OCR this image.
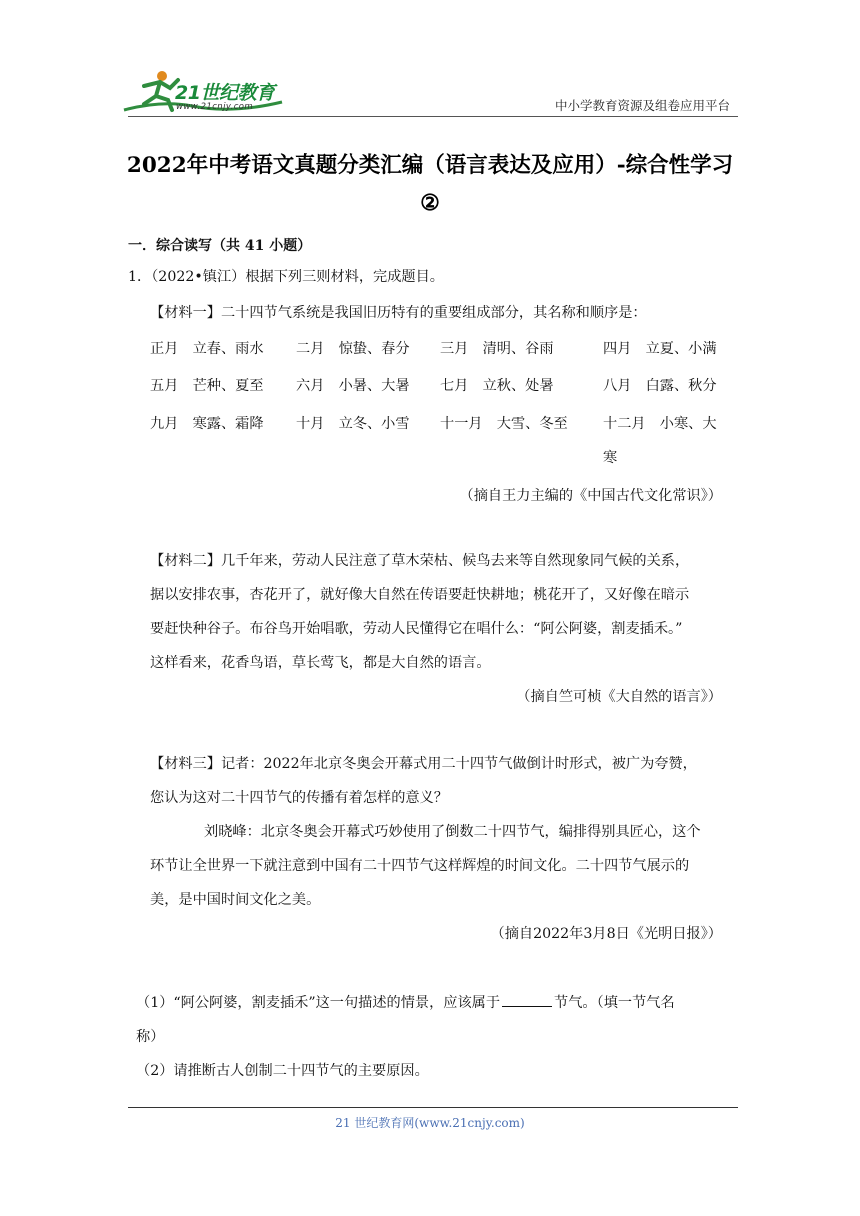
21世纪教育
www.21cnjy.com	中小学教育资源及组卷应用平台
2022年中考语文真题分类汇编（语言表达及应用）-综合性学习
②
一．综合读写（共 41 小题）
1．（2022•镇江）根据下列三则材料，完成题目。
【材料一】二十四节气系统是我国旧历特有的重要组成部分，其名称和顺序是：
正月　立春、雨水 二月　惊蛰、春分 三月　清明、谷雨	四月　立夏、小满
五月　芒种、夏至 六月　小暑、大暑 七月　立秋、处暑	八月　白露、秋分
九月　寒露、霜降 十月　立冬、小雪 十一月　大雪、冬至 十二月　小寒、大
寒
（摘自王力主编的《中国古代文化常识》）
【材料二】几千年来，劳动人民注意了草木荣枯、候鸟去来等自然现象同气候的关系，
据以安排农事，杏花开了，就好像大自然在传语要赶快耕地；桃花开了，又好像在暗示
要赶快种谷子。布谷鸟开始唱歌，劳动人民懂得它在唱什么：“阿公阿婆，割麦插禾。”
这样看来，花香鸟语，草长莺飞，都是大自然的语言。
（摘自竺可桢《大自然的语言》）
【材料三】记者：2022年北京冬奥会开幕式用二十四节气做倒计时形式，被广为夸赞，
您认为这对二十四节气的传播有着怎样的意义？
刘晓峰：北京冬奥会开幕式巧妙使用了倒数二十四节气，编排得别具匠心，这个
环节让全世界一下就注意到中国有二十四节气这样辉煌的时间文化。二十四节气展示的
美，是中国时间文化之美。
（摘自2022年3月8日《光明日报》）
（1）“阿公阿婆，割麦插禾”这一句描述的情景，应该属于	节气。（填一节气名
称）
（2）请推断古人创制二十四节气的主要原因。
21 世纪教育网(www.21cnjy.com)
